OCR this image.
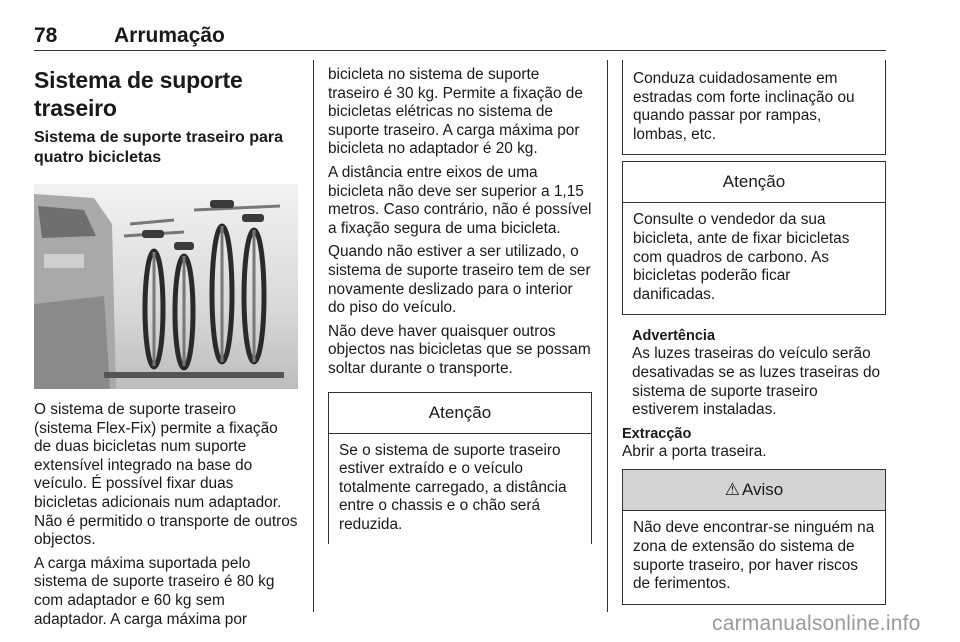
78	Arrumação
Sistema de suporte traseiro
Sistema de suporte traseiro para quatro bicicletas

O sistema de suporte traseiro (sistema Flex-Fix) permite a fixação de duas bicicletas num suporte extensível integrado na base do veículo. É possível fixar duas bicicletas adicionais num adaptador. Não é permitido o transporte de outros objectos.

A carga máxima suportada pelo sistema de suporte traseiro é 80 kg com adaptador e 60 kg sem adaptador. A carga máxima por

bicicleta no sistema de suporte traseiro é 30 kg. Permite a fixação de bicicletas elétricas no sistema de suporte traseiro. A carga máxima por bicicleta no adaptador é 20 kg.

A distância entre eixos de uma bicicleta não deve ser superior a 1,15 metros. Caso contrário, não é possível a fixação segura de uma bicicleta.

Quando não estiver a ser utilizado, o sistema de suporte traseiro tem de ser novamente deslizado para o interior do piso do veículo.

Não deve haver quaisquer outros objectos nas bicicletas que se possam soltar durante o transporte.

Atenção

Se o sistema de suporte traseiro estiver extraído e o veículo totalmente carregado, a distância entre o chassis e o chão será reduzida.

Conduza cuidadosamente em estradas com forte inclinação ou quando passar por rampas, lombas, etc.

Atenção

Consulte o vendedor da sua bicicleta, ante de fixar bicicletas com quadros de carbono. As bicicletas poderão ficar danificadas.

Advertência

As luzes traseiras do veículo serão desativadas se as luzes traseiras do sistema de suporte traseiro estiverem instaladas.

Extracção

Abrir a porta traseira.

⚠ Aviso

Não deve encontrar-se ninguém na zona de extensão do sistema de suporte traseiro, por haver riscos de ferimentos.

carmanualsonline.info
